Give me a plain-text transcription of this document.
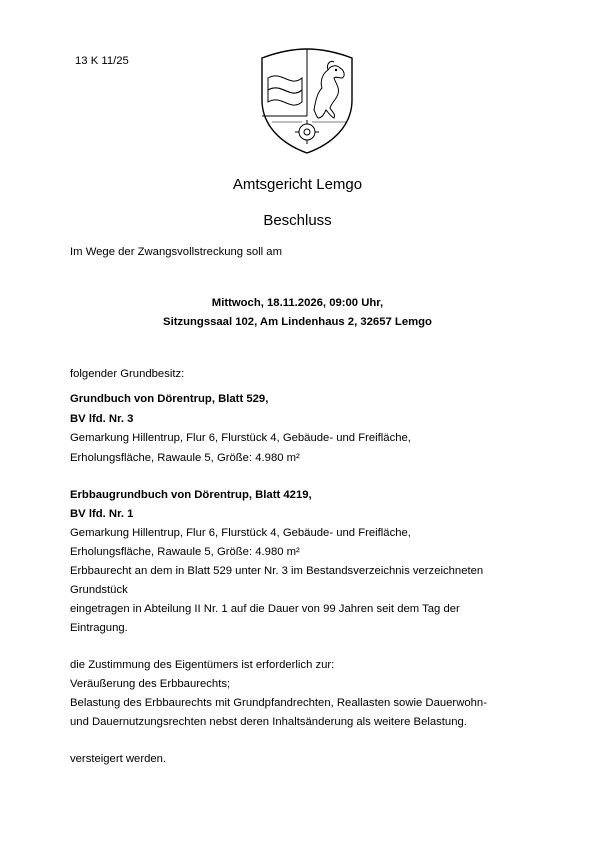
13 K 11/25
Amtsgericht Lemgo
Beschluss
Im Wege der Zwangsvollstreckung soll am
Mittwoch, 18.11.2026, 09:00 Uhr,
Sitzungssaal 102, Am Lindenhaus 2, 32657 Lemgo
folgender Grundbesitz:
Grundbuch von Dörentrup, Blatt 529,
BV lfd. Nr. 3
Gemarkung Hillentrup, Flur 6, Flurstück 4, Gebäude- und Freifläche,
Erholungsfläche, Rawaule 5, Größe: 4.980 m²
Erbbaugrundbuch von Dörentrup, Blatt 4219,
BV lfd. Nr. 1
Gemarkung Hillentrup, Flur 6, Flurstück 4, Gebäude- und Freifläche,
Erholungsfläche, Rawaule 5, Größe: 4.980 m²
Erbbaurecht an dem in Blatt 529 unter Nr. 3 im Bestandsverzeichnis verzeichneten
Grundstück
eingetragen in Abteilung II Nr. 1 auf die Dauer von 99 Jahren seit dem Tag der
Eintragung.
die Zustimmung des Eigentümers ist erforderlich zur:
Veräußerung des Erbbaurechts;
Belastung des Erbbaurechts mit Grundpfandrechten, Reallasten sowie Dauerwohn-
und Dauernutzungsrechten nebst deren Inhaltsänderung als weitere Belastung.
versteigert werden.
